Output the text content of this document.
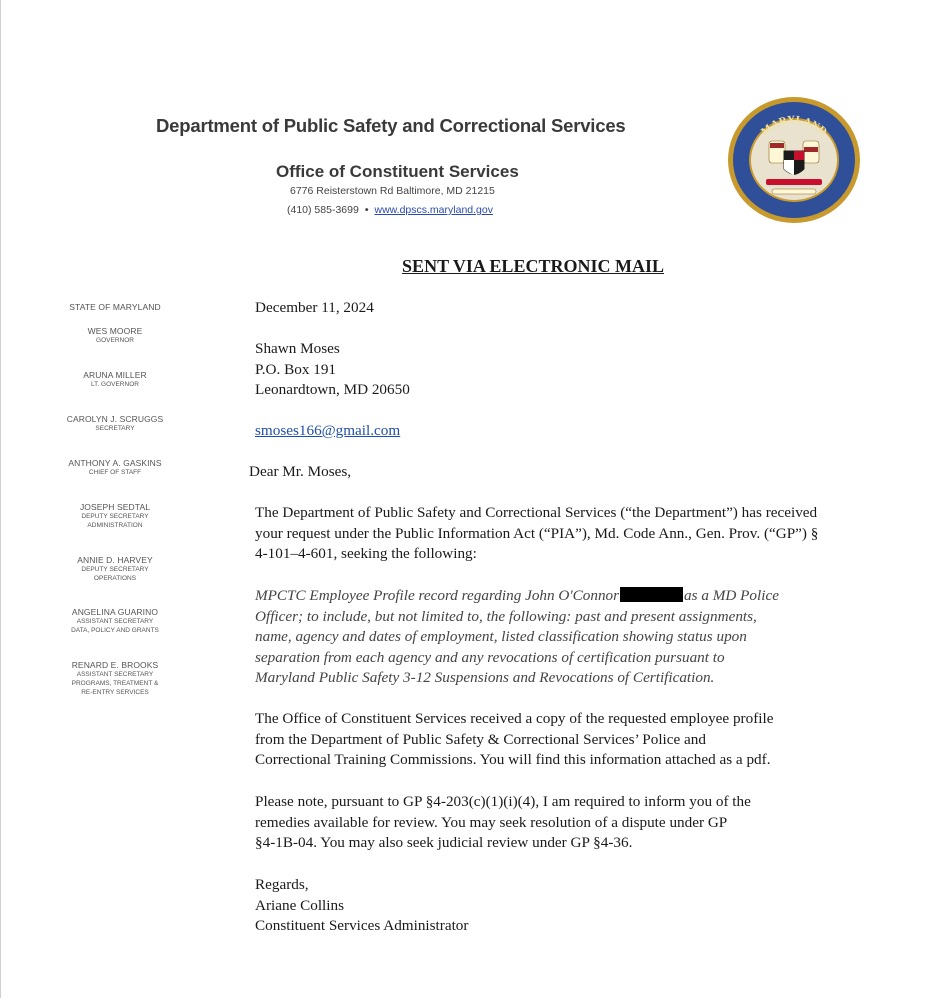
Department of Public Safety and Correctional Services
Office of Constituent Services
6776 Reisterstown Rd Baltimore, MD 21215
(410) 585-3699 • www.dpscs.maryland.gov
MARYLAND
SENT VIA ELECTRONIC MAIL
STATE OF MARYLAND
WES MOORE
GOVERNOR
ARUNA MILLER
LT. GOVERNOR
CAROLYN J. SCRUGGS
SECRETARY
ANTHONY A. GASKINS
CHIEF OF STAFF
JOSEPH SEDTAL
DEPUTY SECRETARY
ADMINISTRATION
ANNIE D. HARVEY
DEPUTY SECRETARY
OPERATIONS
ANGELINA GUARINO
ASSISTANT SECRETARY
DATA, POLICY AND GRANTS
RENARD E. BROOKS
ASSISTANT SECRETARY
PROGRAMS, TREATMENT &
RE-ENTRY SERVICES
December 11, 2024
Shawn Moses
P.O. Box 191
Leonardtown, MD 20650
smoses166@gmail.com
Dear Mr. Moses,
The Department of Public Safety and Correctional Services (“the Department”) has received
your request under the Public Information Act (“PIA”), Md. Code Ann., Gen. Prov. (“GP”) §
4-101–4-601, seeking the following:
MPCTC Employee Profile record regarding John O'Connor	as a MD Police
Officer; to include, but not limited to, the following: past and present assignments,
name, agency and dates of employment, listed classification showing status upon
separation from each agency and any revocations of certification pursuant to
Maryland Public Safety 3-12 Suspensions and Revocations of Certification.
The Office of Constituent Services received a copy of the requested employee profile
from the Department of Public Safety & Correctional Services’ Police and
Correctional Training Commissions. You will find this information attached as a pdf.
Please note, pursuant to GP §4-203(c)(1)(i)(4), I am required to inform you of the
remedies available for review. You may seek resolution of a dispute under GP
§4-1B-04. You may also seek judicial review under GP §4-36.
Regards,
Ariane Collins
Constituent Services Administrator
